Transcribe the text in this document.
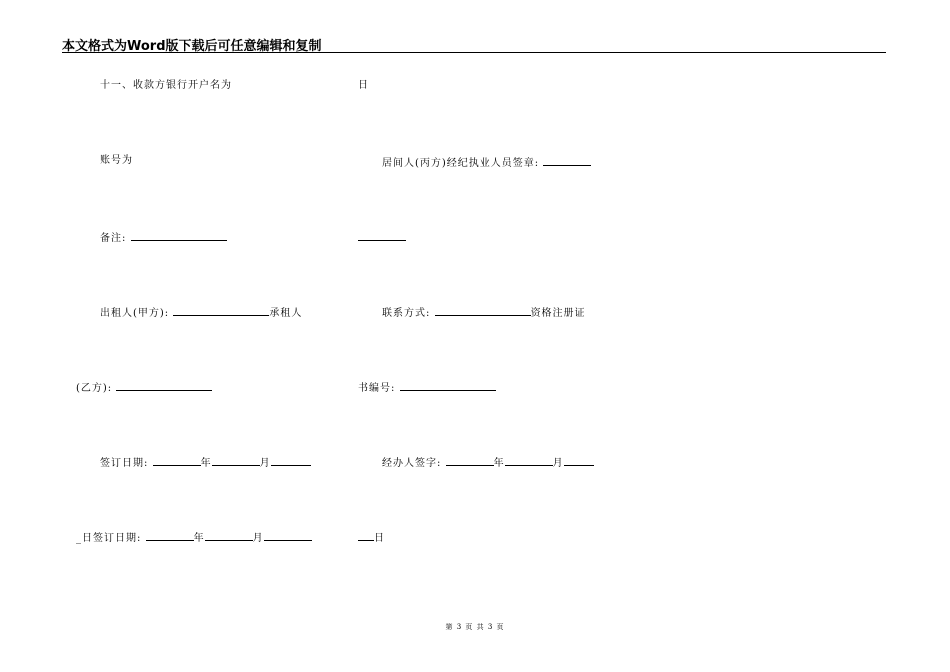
本文格式为Word版下载后可任意编辑和复制
十一、收款方银行开户名为
账号为
备注:
出租人(甲方):	承租人
(乙方):
签订日期:	年	月
_日签订日期:	年	月
日
居间人(丙方)经纪执业人员签章:
联系方式:	资格注册证
书编号:
经办人签字:	年	月
日
第 3 页 共 3 页
